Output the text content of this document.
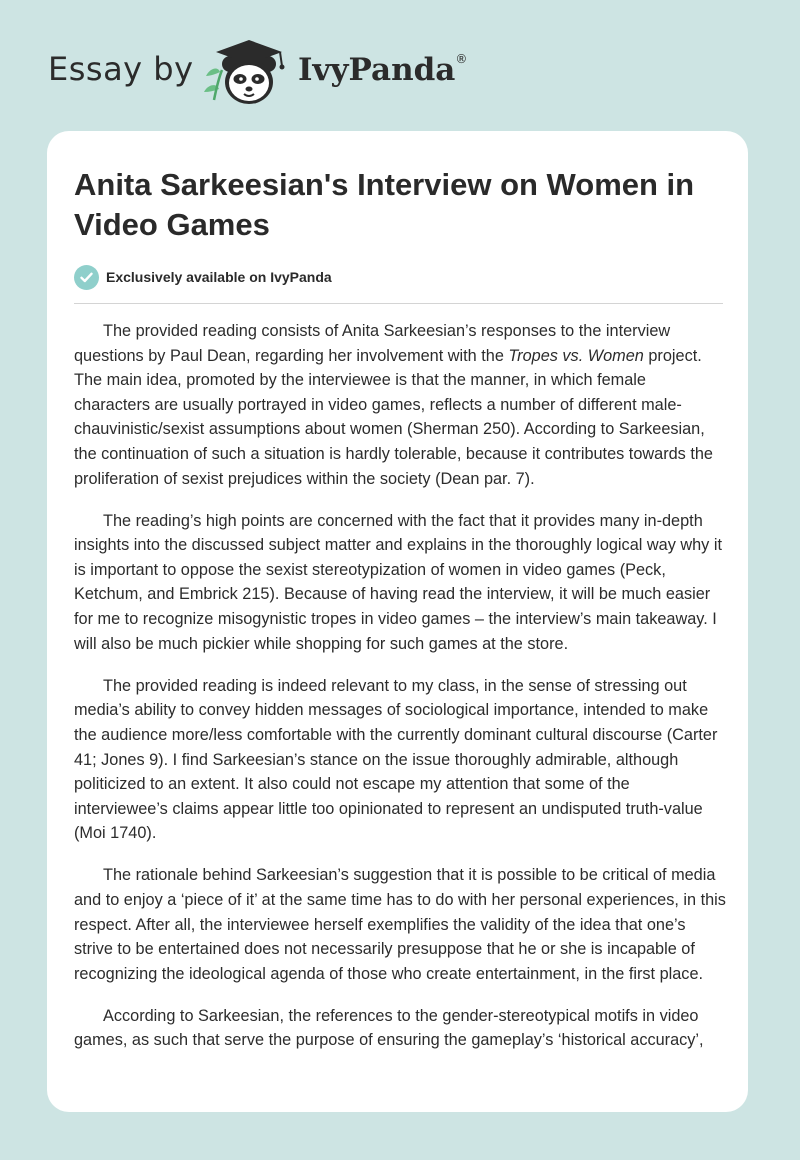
Essay by	IvyPanda®
Anita Sarkeesian's Interview on Women in Video Games
Exclusively available on IvyPanda

The provided reading consists of Anita Sarkeesian’s responses to the interview questions by Paul Dean, regarding her involvement with the Tropes vs. Women project. The main idea, promoted by the interviewee is that the manner, in which female characters are usually portrayed in video games, reflects a number of different male-chauvinistic/sexist assumptions about women (Sherman 250). According to Sarkeesian, the continuation of such a situation is hardly tolerable, because it contributes towards the proliferation of sexist prejudices within the society (Dean par. 7).

The reading’s high points are concerned with the fact that it provides many in-depth insights into the discussed subject matter and explains in the thoroughly logical way why it is important to oppose the sexist stereotypization of women in video games (Peck, Ketchum, and Embrick 215). Because of having read the interview, it will be much easier for me to recognize misogynistic tropes in video games – the interview’s main takeaway. I will also be much pickier while shopping for such games at the store.

The provided reading is indeed relevant to my class, in the sense of stressing out media’s ability to convey hidden messages of sociological importance, intended to make the audience more/less comfortable with the currently dominant cultural discourse (Carter 41; Jones 9). I find Sarkeesian’s stance on the issue thoroughly admirable, although politicized to an extent. It also could not escape my attention that some of the interviewee’s claims appear little too opinionated to represent an undisputed truth-value (Moi 1740).

The rationale behind Sarkeesian’s suggestion that it is possible to be critical of media and to enjoy a ‘piece of it’ at the same time has to do with her personal experiences, in this respect. After all, the interviewee herself exemplifies the validity of the idea that one’s strive to be entertained does not necessarily presuppose that he or she is incapable of recognizing the ideological agenda of those who create entertainment, in the first place.

According to Sarkeesian, the references to the gender-stereotypical motifs in video games, as such that serve the purpose of ensuring the gameplay’s ‘historical accuracy’,
